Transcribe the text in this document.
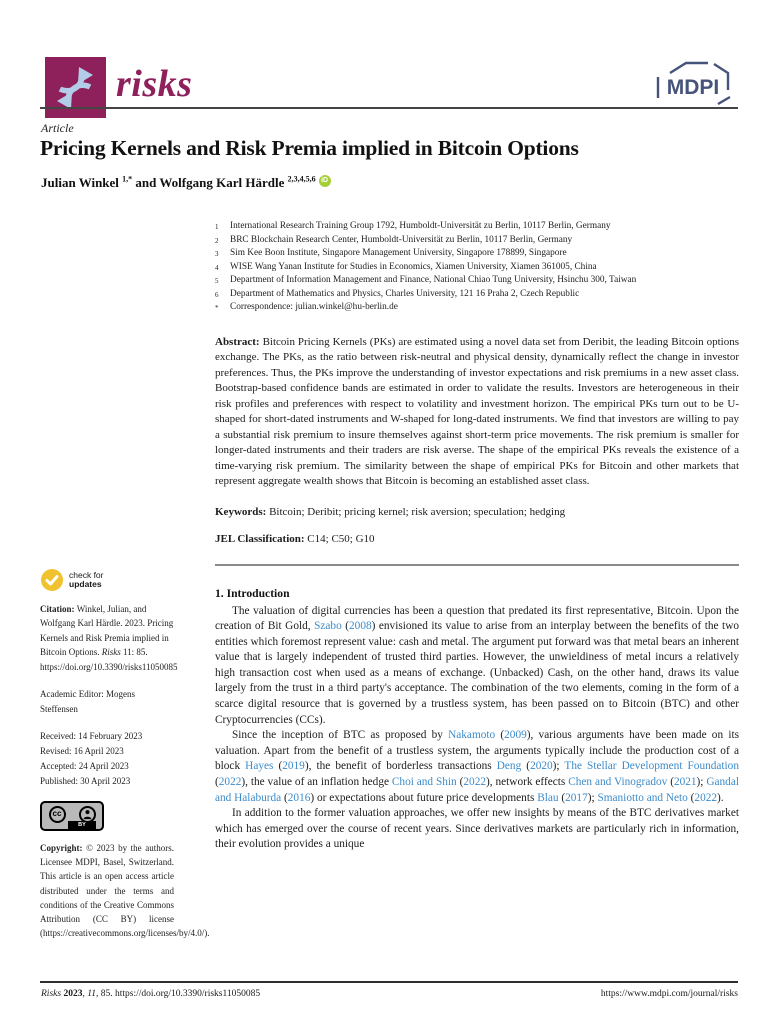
risks	MDPI
Article
Pricing Kernels and Risk Premia implied in Bitcoin Options
Julian Winkel $^{1,*}$ and Wolfgang Karl Härdle $^{2,3,4,5,6}$ iD
1	International Research Training Group 1792, Humboldt-Universität zu Berlin, 10117 Berlin, Germany
2	BRC Blockchain Research Center, Humboldt-Universität zu Berlin, 10117 Berlin, Germany
3	Sim Kee Boon Institute, Singapore Management University, Singapore 178899, Singapore
4	WISE Wang Yanan Institute for Studies in Economics, Xiamen University, Xiamen 361005, China
5	Department of Information Management and Finance, National Chiao Tung University, Hsinchu 300, Taiwan
6	Department of Mathematics and Physics, Charles University, 121 16 Praha 2, Czech Republic
*	Correspondence: julian.winkel@hu-berlin.de

Abstract: Bitcoin Pricing Kernels (PKs) are estimated using a novel data set from Deribit, the leading Bitcoin options exchange. The PKs, as the ratio between risk-neutral and physical density, dynamically reflect the change in investor preferences. Thus, the PKs improve the understanding of investor expectations and risk premiums in a new asset class. Bootstrap-based confidence bands are estimated in order to validate the results. Investors are heterogeneous in their risk profiles and preferences with respect to volatility and investment horizon. The empirical PKs turn out to be U-shaped for short-dated instruments and W-shaped for long-dated instruments. We find that investors are willing to pay a substantial risk premium to insure themselves against short-term price movements. The risk premium is smaller for longer-dated instruments and their traders are risk averse. The shape of the empirical PKs reveals the existence of a time-varying risk premium. The similarity between the shape of empirical PKs for Bitcoin and other markets that represent aggregate wealth shows that Bitcoin is becoming an established asset class.

Keywords: Bitcoin; Deribit; pricing kernel; risk aversion; speculation; hedging

JEL Classification: C14; C50; G10

1. Introduction

The valuation of digital currencies has been a question that predated its first representative, Bitcoin. Upon the creation of Bit Gold, Szabo (2008) envisioned its value to arise from an interplay between the benefits of the two entities which foremost represent value: cash and metal. The argument put forward was that metal bears an inherent value that is largely independent of trusted third parties. However, the unwieldiness of metal incurs a relatively high transaction cost when used as a means of exchange. (Unbacked) Cash, on the other hand, draws its value largely from the trust in a third party's acceptance. The combination of the two elements, coming in the form of a scarce digital resource that is governed by a trustless system, has been passed on to Bitcoin (BTC) and other Cryptocurrencies (CCs).

Since the inception of BTC as proposed by Nakamoto (2009), various arguments have been made on its valuation. Apart from the benefit of a trustless system, the arguments typically include the production cost of a block Hayes (2019), the benefit of borderless transactions Deng (2020); The Stellar Development Foundation (2022), the value of an inflation hedge Choi and Shin (2022), network effects Chen and Vinogradov (2021); Gandal and Halaburda (2016) or expectations about future price developments Blau (2017); Smaniotto and Neto (2022).

In addition to the former valuation approaches, we offer new insights by means of the BTC derivatives market which has emerged over the course of recent years. Since derivatives markets are particularly rich in information, their evolution provides a unique

check for
updates
Citation: Winkel, Julian, and Wolfgang Karl Härdle. 2023. Pricing Kernels and Risk Premia implied in Bitcoin Options. Risks 11: 85. https://doi.org/10.3390/risks11050085
Academic Editor: Mogens Steffensen
Received: 14 February 2023
Revised: 16 April 2023
Accepted: 24 April 2023
Published: 30 April 2023
cc
BY
Copyright: © 2023 by the authors. Licensee MDPI, Basel, Switzerland. This article is an open access article distributed under the terms and conditions of the Creative Commons Attribution (CC BY) license (https://creativecommons.org/licenses/by/4.0/).
Risks 2023, 11, 85. https://doi.org/10.3390/risks11050085	https://www.mdpi.com/journal/risks
